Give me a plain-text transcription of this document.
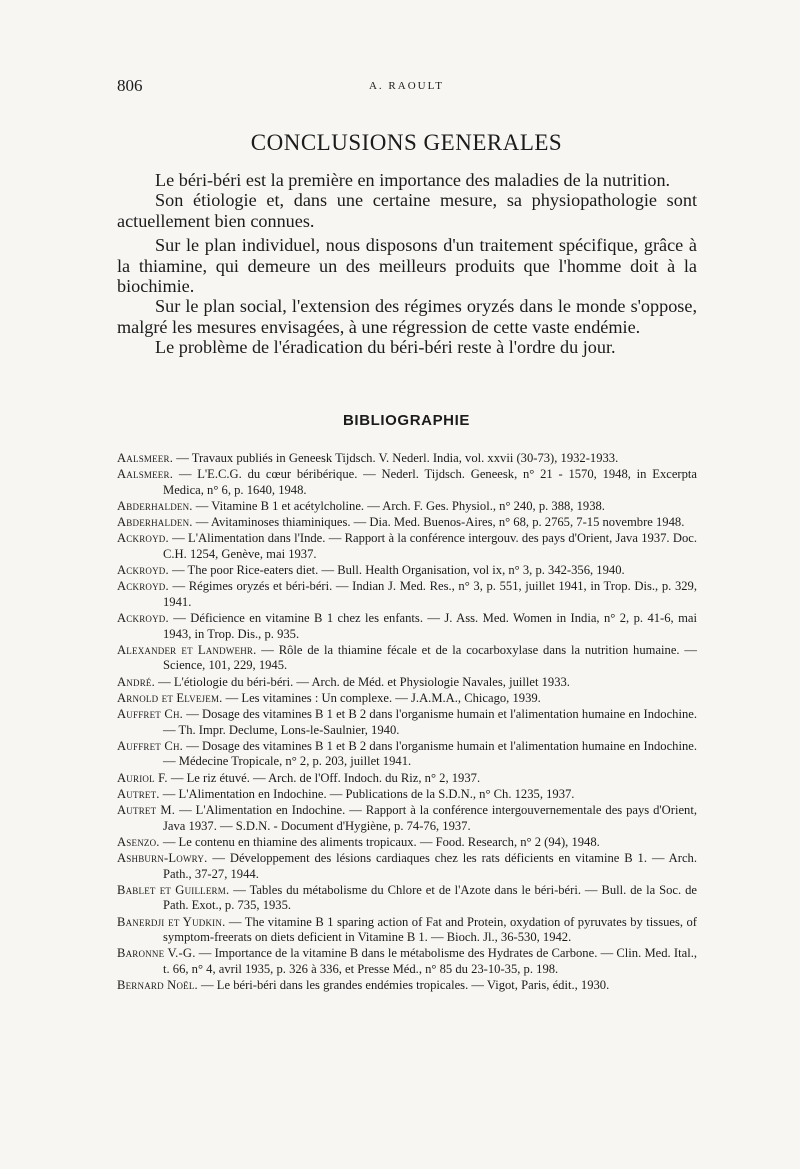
806	A. RAOULT
CONCLUSIONS GENERALES

Le béri-béri est la première en importance des maladies de la nutrition.

Son étiologie et, dans une certaine mesure, sa physiopathologie sont actuellement bien connues.

Sur le plan individuel, nous disposons d'un traitement spécifique, grâce à la thiamine, qui demeure un des meilleurs produits que l'homme doit à la biochimie.

Sur le plan social, l'extension des régimes oryzés dans le monde s'oppose, malgré les mesures envisagées, à une régression de cette vaste endémie.

Le problème de l'éradication du béri-béri reste à l'ordre du jour.

BIBLIOGRAPHIE

Aalsmeer. — Travaux publiés in Geneesk Tijdsch. V. Nederl. India, vol. xxvii (30-73), 1932-1933.

Aalsmeer. — L'E.C.G. du cœur béribérique. — Nederl. Tijdsch. Geneesk, n° 21 - 1570, 1948, in Excerpta Medica, n° 6, p. 1640, 1948.

Abderhalden. — Vitamine B 1 et acétylcholine. — Arch. F. Ges. Physiol., n° 240, p. 388, 1938.

Abderhalden. — Avitaminoses thiaminiques. — Dia. Med. Buenos-Aires, n° 68, p. 2765, 7-15 novembre 1948.

Ackroyd. — L'Alimentation dans l'Inde. — Rapport à la conférence intergouv. des pays d'Orient, Java 1937. Doc. C.H. 1254, Genève, mai 1937.

Ackroyd. — The poor Rice-eaters diet. — Bull. Health Organisation, vol ix, n° 3, p. 342-356, 1940.

Ackroyd. — Régimes oryzés et béri-béri. — Indian J. Med. Res., n° 3, p. 551, juillet 1941, in Trop. Dis., p. 329, 1941.

Ackroyd. — Déficience en vitamine B 1 chez les enfants. — J. Ass. Med. Women in India, n° 2, p. 41-6, mai 1943, in Trop. Dis., p. 935.

Alexander et Landwehr. — Rôle de la thiamine fécale et de la cocarboxylase dans la nutrition humaine. — Science, 101, 229, 1945.

André. — L'étiologie du béri-béri. — Arch. de Méd. et Physiologie Navales, juillet 1933.

Arnold et Elvejem. — Les vitamines : Un complexe. — J.A.M.A., Chicago, 1939.

Auffret Ch. — Dosage des vitamines B 1 et B 2 dans l'organisme humain et l'alimentation humaine en Indochine. — Th. Impr. Declume, Lons-le-Saulnier, 1940.

Auffret Ch. — Dosage des vitamines B 1 et B 2 dans l'organisme humain et l'alimentation humaine en Indochine. — Médecine Tropicale, n° 2, p. 203, juillet 1941.

Auriol F. — Le riz étuvé. — Arch. de l'Off. Indoch. du Riz, n° 2, 1937.

Autret. — L'Alimentation en Indochine. — Publications de la S.D.N., n° Ch. 1235, 1937.

Autret M. — L'Alimentation en Indochine. — Rapport à la conférence intergouvernementale des pays d'Orient, Java 1937. — S.D.N. - Document d'Hygiène, p. 74-76, 1937.

Asenzo. — Le contenu en thiamine des aliments tropicaux. — Food. Research, n° 2 (94), 1948.

Ashburn-Lowry. — Développement des lésions cardiaques chez les rats déficients en vitamine B 1. — Arch. Path., 37-27, 1944.

Bablet et Guillerm. — Tables du métabolisme du Chlore et de l'Azote dans le béri-béri. — Bull. de la Soc. de Path. Exot., p. 735, 1935.

Banerdji et Yudkin. — The vitamine B 1 sparing action of Fat and Protein, oxydation of pyruvates by tissues, of symptom-freerats on diets deficient in Vitamine B 1. — Bioch. Jl., 36-530, 1942.

Baronne V.-G. — Importance de la vitamine B dans le métabolisme des Hydrates de Carbone. — Clin. Med. Ital., t. 66, n° 4, avril 1935, p. 326 à 336, et Presse Méd., n° 85 du 23-10-35, p. 198.

Bernard Noël. — Le béri-béri dans les grandes endémies tropicales. — Vigot, Paris, édit., 1930.
